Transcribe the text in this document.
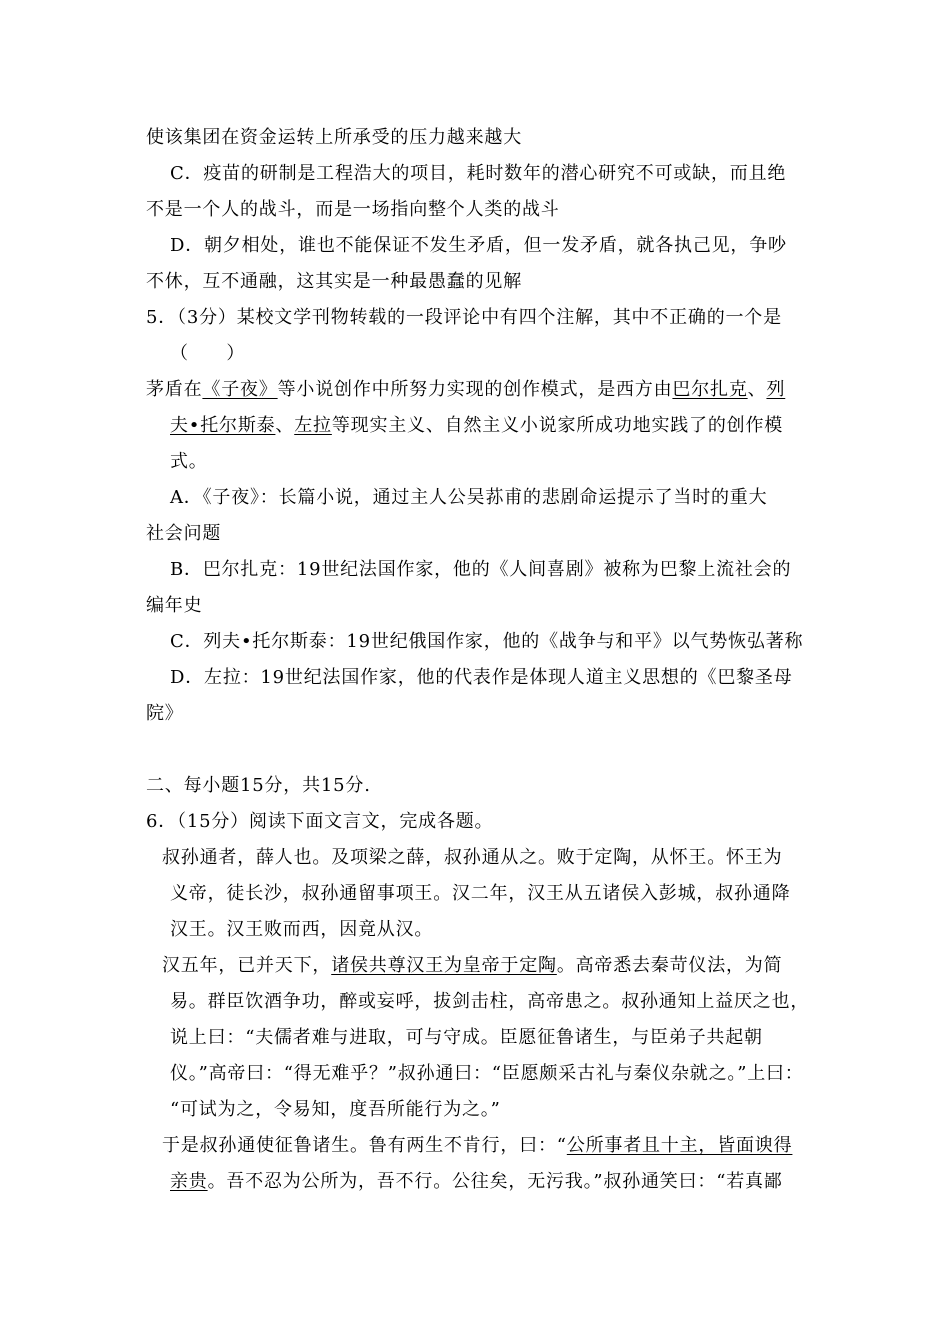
使该集团在资金运转上所承受的压力越来越大
C．疫苗的研制是工程浩大的项目，耗时数年的潜心研究不可或缺，而且绝
不是一个人的战斗，而是一场指向整个人类的战斗
D．朝夕相处，谁也不能保证不发生矛盾，但一发矛盾，就各执己见，争吵
不休，互不通融，这其实是一种最愚蠢的见解
5．（3分）某校文学刊物转载的一段评论中有四个注解，其中不正确的一个是
（　　）
茅盾在《子夜》等小说创作中所努力实现的创作模式，是西方由巴尔扎克、列
夫•托尔斯泰、左拉等现实主义、自然主义小说家所成功地实践了的创作模
式。
A．《子夜》：长篇小说，通过主人公吴荪甫的悲剧命运提示了当时的重大
社会问题
B．巴尔扎克：19世纪法国作家，他的《人间喜剧》被称为巴黎上流社会的
编年史
C．列夫•托尔斯泰：19世纪俄国作家，他的《战争与和平》以气势恢弘著称
D．左拉：19世纪法国作家，他的代表作是体现人道主义思想的《巴黎圣母
院》
二、每小题15分，共15分.
6．（15分）阅读下面文言文，完成各题。
叔孙通者，薛人也。及项梁之薛，叔孙通从之。败于定陶，从怀王。怀王为
义帝，徒长沙，叔孙通留事项王。汉二年，汉王从五诸侯入彭城，叔孙通降
汉王。汉王败而西，因竟从汉。
汉五年，已并天下，诸侯共尊汉王为皇帝于定陶。高帝悉去秦苛仪法，为简
易。群臣饮酒争功，醉或妄呼，拔剑击柱，高帝患之。叔孙通知上益厌之也，
说上曰：“夫儒者难与进取，可与守成。臣愿征鲁诸生，与臣弟子共起朝
仪。”高帝曰：“得无难乎？”叔孙通曰：“臣愿颇采古礼与秦仪杂就之。”上曰：
“可试为之，令易知，度吾所能行为之。”
于是叔孙通使征鲁诸生。鲁有两生不肯行，曰：“公所事者且十主，皆面谀得
亲贵。吾不忍为公所为，吾不行。公往矣，无污我。”叔孙通笑曰：“若真鄙
